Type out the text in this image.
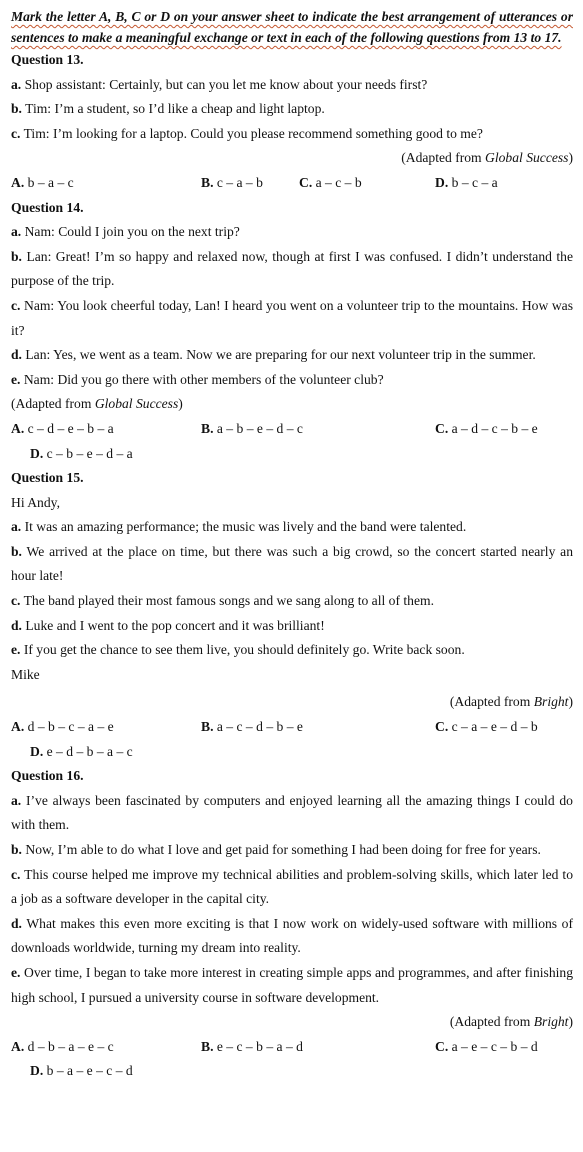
Mark the letter A, B, C or D on your answer sheet to indicate the best arrangement of utterances or sentences to make a meaningful exchange or text in each of the following questions from 13 to 17.
Question 13.

a. Shop assistant: Certainly, but can you let me know about your needs first?

b. Tim: I’m a student, so I’d like a cheap and light laptop.

c. Tim: I’m looking for a laptop. Could you please recommend something good to me?

(Adapted from Global Success)

A. b – a – c	B. c – a – b	C. a – c – b	D. b – c – a
Question 14.

a. Nam: Could I join you on the next trip?

b. Lan: Great! I’m so happy and relaxed now, though at first I was confused. I didn’t understand the purpose of the trip.

c. Nam: You look cheerful today, Lan! I heard you went on a volunteer trip to the mountains. How was it?

d. Lan: Yes, we went as a team. Now we are preparing for our next volunteer trip in the summer.

e. Nam: Did you go there with other members of the volunteer club?

(Adapted from Global Success)

A. c – d – e – b – a	B. a – b – e – d – c	C. a – d – c – b – e
D. c – b – e – d – a
Question 15.

Hi Andy,

a. It was an amazing performance; the music was lively and the band were talented.

b. We arrived at the place on time, but there was such a big crowd, so the concert started nearly an hour late!

c. The band played their most famous songs and we sang along to all of them.

d. Luke and I went to the pop concert and it was brilliant!

e. If you get the chance to see them live, you should definitely go. Write back soon.

Mike

(Adapted from Bright)

A. d – b – c – a – e	B. a – c – d – b – e	C. c – a – e – d – b
D. e – d – b – a – c
Question 16.

a. I’ve always been fascinated by computers and enjoyed learning all the amazing things I could do with them.

b. Now, I’m able to do what I love and get paid for something I had been doing for free for years.

c. This course helped me improve my technical abilities and problem-solving skills, which later led to a job as a software developer in the capital city.

d. What makes this even more exciting is that I now work on widely-used software with millions of downloads worldwide, turning my dream into reality.

e. Over time, I began to take more interest in creating simple apps and programmes, and after finishing high school, I pursued a university course in software development.

(Adapted from Bright)

A. d – b – a – e – c	B. e – c – b – a – d	C. a – e – c – b – d
D. b – a – e – c – d
